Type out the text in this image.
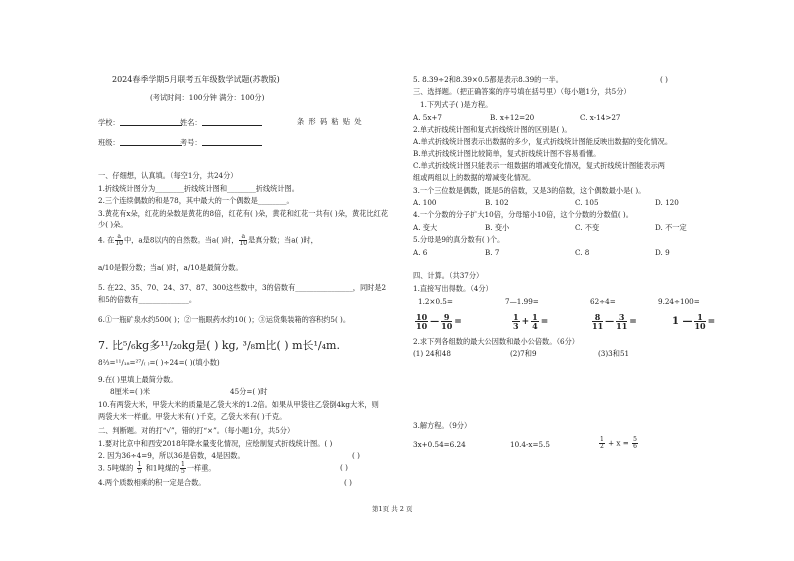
2024春季学期5月联考五年级数学试题(苏教版)
(考试时间：100分钟 满分：100分)
学校：	姓名：	条 形 码 粘 贴 处
班级：	考号：
一、仔细想，认真填。（每空1分，共24分）
1.折线统计图分为________折线统计图和________折线统计图。
2.三个连续偶数的和是78，其中最大的一个偶数是________。
3.黄花有x朵，红花的朵数是黄花的8倍，红花有( )朵，黄花和红花一共有( )朵，黄花比红花少( )朵。
4. 在 $\frac{a}{10}$ 中，a是8以内的自然数。当a( )时， $\frac{a}{10}$ 是真分数；当a( )时，
a/10是假分数；当a( )时，a/10是最简分数。
5. 在22、35、70、24、37、87、300这些数中，3的倍数有________________，同时是2
和5的倍数有______________。
6.①一瓶矿泉水约500( )；②一瓶眼药水约10( )；③运货集装箱的容积约5( )。
7. 比⁵/₆kg多¹¹/₂₀kg是( ) kg, ³/₈m比( ) m长¹/₄m.
8⅔=¹¹/₁₈=²⁷/₍ ₎=( )÷24=( )(填小数)
9.在( )里填上最简分数。
8厘米=( )米	45分=( )时
10.有两袋大米，甲袋大米的质量是乙袋大米的1.2倍。如果从甲袋往乙袋倒4kg大米，则
两袋大米一样重。甲袋大米有( )千克，乙袋大米有( )千克。
二、判断题。对的打“√”，错的打“×”。（每小题1分，共5分）
1.要对比京中和西安2018年降水量变化情况，应绘制复式折线统计图。( )
2. 因为36÷4=9，所以36是倍数，4是因数。	( )
3. 5吨煤的 $\frac{1}{5}$ 和1吨煤的 $\frac{1}{5}$ 一样重。	( )
4.两个质数相乘的积一定是合数。	( )
5. 8.39÷2和8.39×0.5都是表示8.39的一半。	( )
三、选择题。（把正确答案的序号填在括号里）（每小题1分，共5分）
1.下列式子( )是方程。
A. 5x+7	B. x+12=20	C. x-14>27
2.单式折线统计图和复式折线统计图的区别是( )。
A.单式折线统计图表示出数据的多少，复式折线统计图能反映出数据的变化情况。
B.单式折线统计图比较简单，复式折线统计图不容易看懂。
C.单式折线统计图只能表示一组数据的增减变化情况，复式折线统计图能表示两
组或两组以上的数据的增减变化情况。
3.一个三位数是偶数，既是5的倍数，又是3的倍数，这个偶数最小是( )。
A. 100	B. 102	C. 105	D. 120
4.一个分数的分子扩大10倍，分母缩小10倍，这个分数的分数值( )。
A. 变大	B. 变小	C. 不变	D. 不一定
5.分母是9的真分数有( )个。
A. 6	B. 7	C. 8	D. 9
四、计算。（共37分）
1.直接写出得数。（4分）
1.2×0.5=	7—1.99=	62÷4=	9.24÷100=
$\frac{10}{10}$ — $\frac{9}{10}$ =	$\frac{1}{3} + \frac{1}{4}$ =	$\frac{8}{11}$ — $\frac{3}{11}$ =	1 — $\frac{1}{10}$ =
2.求下列各组数的最大公因数和最小公倍数。（6分）
(1) 24和48	(2)7和9	(3)3和51
3.解方程。（9分）
3x+0.54=6.24	10.4-x=5.5	$\frac{1}{2} + x = \frac{5}{6}$
第1页 共 2 页
